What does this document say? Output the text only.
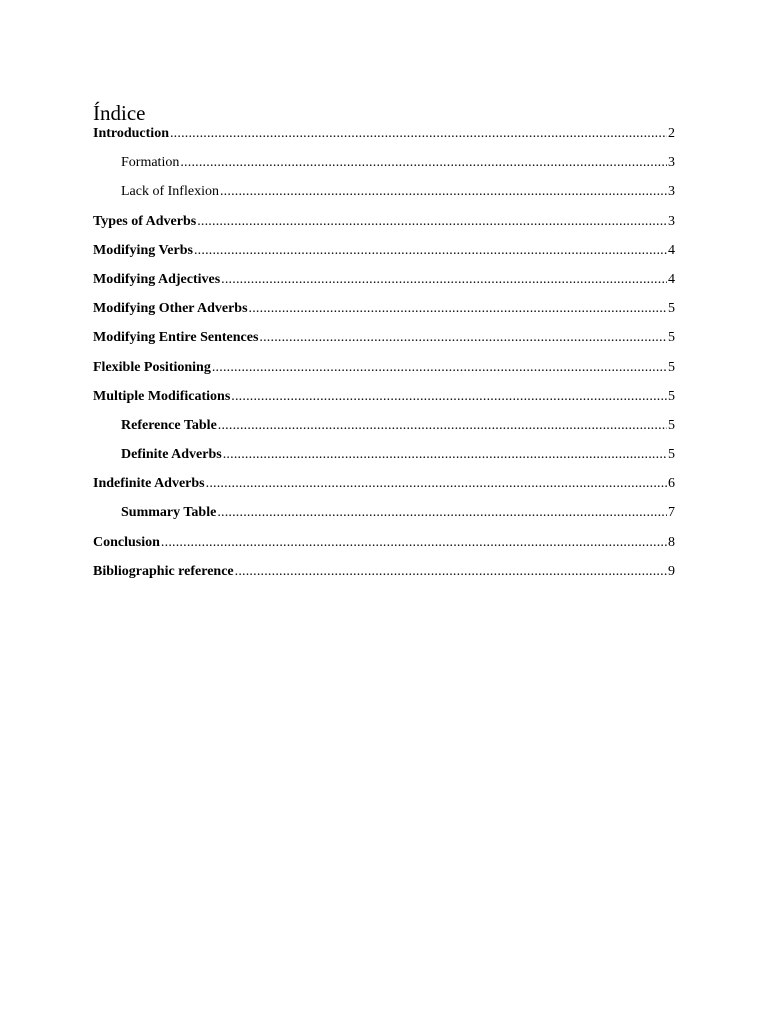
Índice
Introduction .....	2
Formation .....	3
Lack of Inflexion .....	3
Types of Adverbs .....	3
Modifying Verbs .....	4
Modifying Adjectives .....	4
Modifying Other Adverbs .....	5
Modifying Entire Sentences .....	5
Flexible Positioning .....	5
Multiple Modifications .....	5
Reference Table .....	5
Definite Adverbs .....	5
Indefinite Adverbs .....	6
Summary Table .....	7
Conclusion .....	8
Bibliographic reference .....	9
